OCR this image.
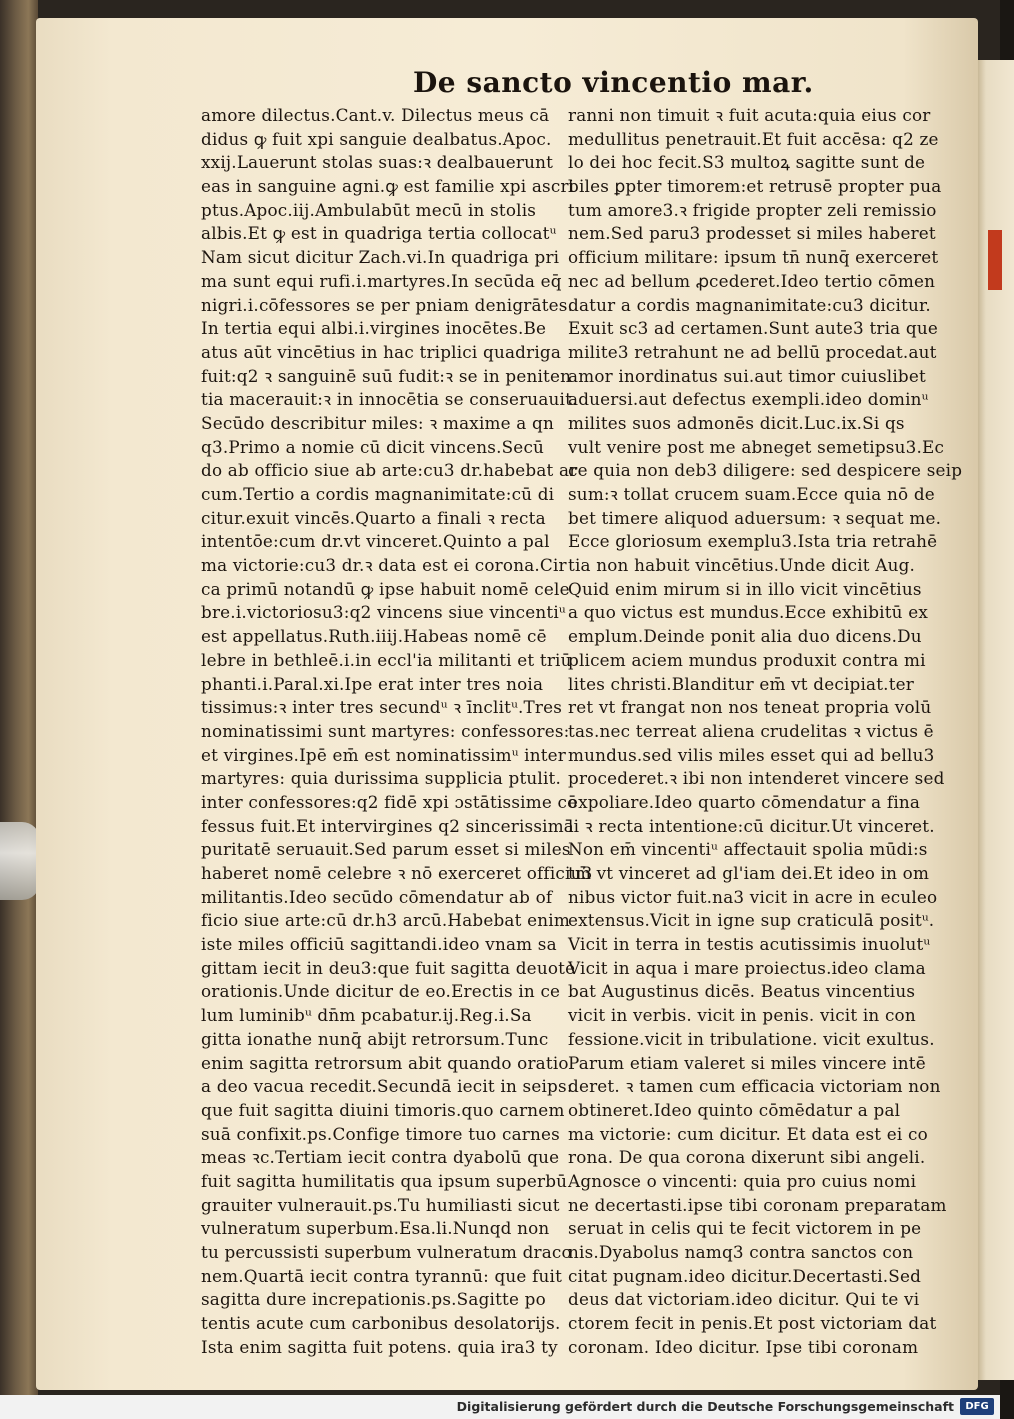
De sancto vincentio mar.
amore dilectus.Cant.v. Dilectus meus cā
didus ꝙ fuit xpi sanguie dealbatus.Apoc.
xxij.Lauerunt stolas suas:ꝛ dealbauerunt
eas in sanguine agni.ꝙ est familie xpi ascri
ptus.Apoc.iij.Ambulabūt mecū in stolis
albis.Et ꝙ est in quadriga tertia collocatᵘ
Nam sicut dicitur Zach.vi.In quadriga pri
ma sunt equi rufi.i.martyres.In secūda eq̄
nigri.i.cōfessores se per pniam denigrātes.
In tertia equi albi.i.virgines inocētes.Be
atus aūt vincētius in hac triplici quadriga
fuit:q2 ꝛ sanguinē suū fudit:ꝛ se in peniten
tia macerauit:ꝛ in innocētia se conseruauit.
Secūdo describitur miles: ꝛ maxime a qn
q3.Primo a nomie cū dicit vincens.Secū
do ab officio siue ab arte:cu3 dr.habebat ar
cum.Tertio a cordis magnanimitate:cū di
citur.exuit vincēs.Quarto a finali ꝛ recta
intentōe:cum dr.vt vinceret.Quinto a pal
ma victorie:cu3 dr.ꝛ data est ei corona.Cir
ca primū notandū ꝙ ipse habuit nomē cele
bre.i.victoriosu3:q2 vincens siue vincentiᵘ
est appellatus.Ruth.iiij.Habeas nomē cē
lebre in bethleē.i.in eccl'ia militanti et triū
phanti.i.Paral.xi.Ipe erat inter tres noia
tissimus:ꝛ inter tres secundᵘ ꝛ īnclitᵘ.Tres
nominatissimi sunt martyres: confessores:
et virgines.Ipē em̄ est nominatissimᵘ inter
martyres: quia durissima supplicia ptulit.
inter confessores:q2 fidē xpi ɔstātissime cō
fessus fuit.Et intervirgines q2 sincerissimā
puritatē seruauit.Sed parum esset si miles
haberet nomē celebre ꝛ nō exerceret officiu3
militantis.Ideo secūdo cōmendatur ab of
ficio siue arte:cū dr.h3 arcū.Habebat enim
iste miles officiū sagittandi.ideo vnam sa
gittam iecit in deu3:que fuit sagitta deuote
orationis.Unde dicitur de eo.Erectis in ce
lum luminibᵘ dn̄m pcabatur.ij.Reg.i.Sa
gitta ionathe nunq̄ abijt retrorsum.Tunc
enim sagitta retrorsum abit quando oratio
a deo vacua recedit.Secundā iecit in seips:
que fuit sagitta diuini timoris.quo carnem
suā confixit.ps.Confige timore tuo carnes
meas ꝛc.Tertiam iecit contra dyabolū que
fuit sagitta humilitatis qua ipsum superbū
grauiter vulnerauit.ps.Tu humiliasti sicut
vulneratum superbum.Esa.li.Nunqd non
tu percussisti superbum vulneratum draco
nem.Quartā iecit contra tyrannū: que fuit
sagitta dure increpationis.ps.Sagitte po
tentis acute cum carbonibus desolatorijs.
Ista enim sagitta fuit potens. quia ira3 ty
ranni non timuit ꝛ fuit acuta:quia eius cor
medullitus penetrauit.Et fuit accēsa: q2 ze
lo dei hoc fecit.S3 multoꝝ sagitte sunt de
biles ꝑpter timorem:et retrusē propter pua
tum amore3.ꝛ frigide propter zeli remissio
nem.Sed paru3 prodesset si miles haberet
officium militare: ipsum tn̄ nunq̄ exerceret
nec ad bellum ꝓcederet.Ideo tertio cōmen
datur a cordis magnanimitate:cu3 dicitur.
Exuit sc3 ad certamen.Sunt aute3 tria que
milite3 retrahunt ne ad bellū procedat.aut
amor inordinatus sui.aut timor cuiuslibet
aduersi.aut defectus exempli.ideo dominᵘ
milites suos admonēs dicit.Luc.ix.Si qs
vult venire post me abneget semetipsu3.Ec
ce quia non deb3 diligere: sed despicere seip
sum:ꝛ tollat crucem suam.Ecce quia nō de
bet timere aliquod aduersum: ꝛ sequat me.
Ecce gloriosum exemplu3.Ista tria retrahē
tia non habuit vincētius.Unde dicit Aug.
Quid enim mirum si in illo vicit vincētius
a quo victus est mundus.Ecce exhibitū ex
emplum.Deinde ponit alia duo dicens.Du
plicem aciem mundus produxit contra mi
lites christi.Blanditur em̄ vt decipiat.ter
ret vt frangat non nos teneat propria volū
tas.nec terreat aliena crudelitas ꝛ victus ē
mundus.sed vilis miles esset qui ad bellu3
procederet.ꝛ ibi non intenderet vincere sed
expoliare.Ideo quarto cōmendatur a fina
li ꝛ recta intentione:cū dicitur.Ut vinceret.
Non em̄ vincentiᵘ affectauit spolia mūdi:s
tm̄ vt vinceret ad gl'iam dei.Et ideo in om
nibus victor fuit.na3 vicit in acre in eculeo
extensus.Vicit in igne sup craticulā positᵘ.
Vicit in terra in testis acutissimis inuolutᵘ
Vicit in aqua i mare proiectus.ideo clama
bat Augustinus dicēs. Beatus vincentius
vicit in verbis. vicit in penis. vicit in con
fessione.vicit in tribulatione. vicit exultus.
Parum etiam valeret si miles vincere intē
deret. ꝛ tamen cum efficacia victoriam non
obtineret.Ideo quinto cōmēdatur a pal
ma victorie: cum dicitur. Et data est ei co
rona. De qua corona dixerunt sibi angeli.
Agnosce o vincenti: quia pro cuius nomi
ne decertasti.ipse tibi coronam preparatam
seruat in celis qui te fecit victorem in pe
nis.Dyabolus namq3 contra sanctos con
citat pugnam.ideo dicitur.Decertasti.Sed
deus dat victoriam.ideo dicitur. Qui te vi
ctorem fecit in penis.Et post victoriam dat
coronam. Ideo dicitur. Ipse tibi coronam
Digitalisierung gefördert durch die Deutsche Forschungsgemeinschaft	DFG
